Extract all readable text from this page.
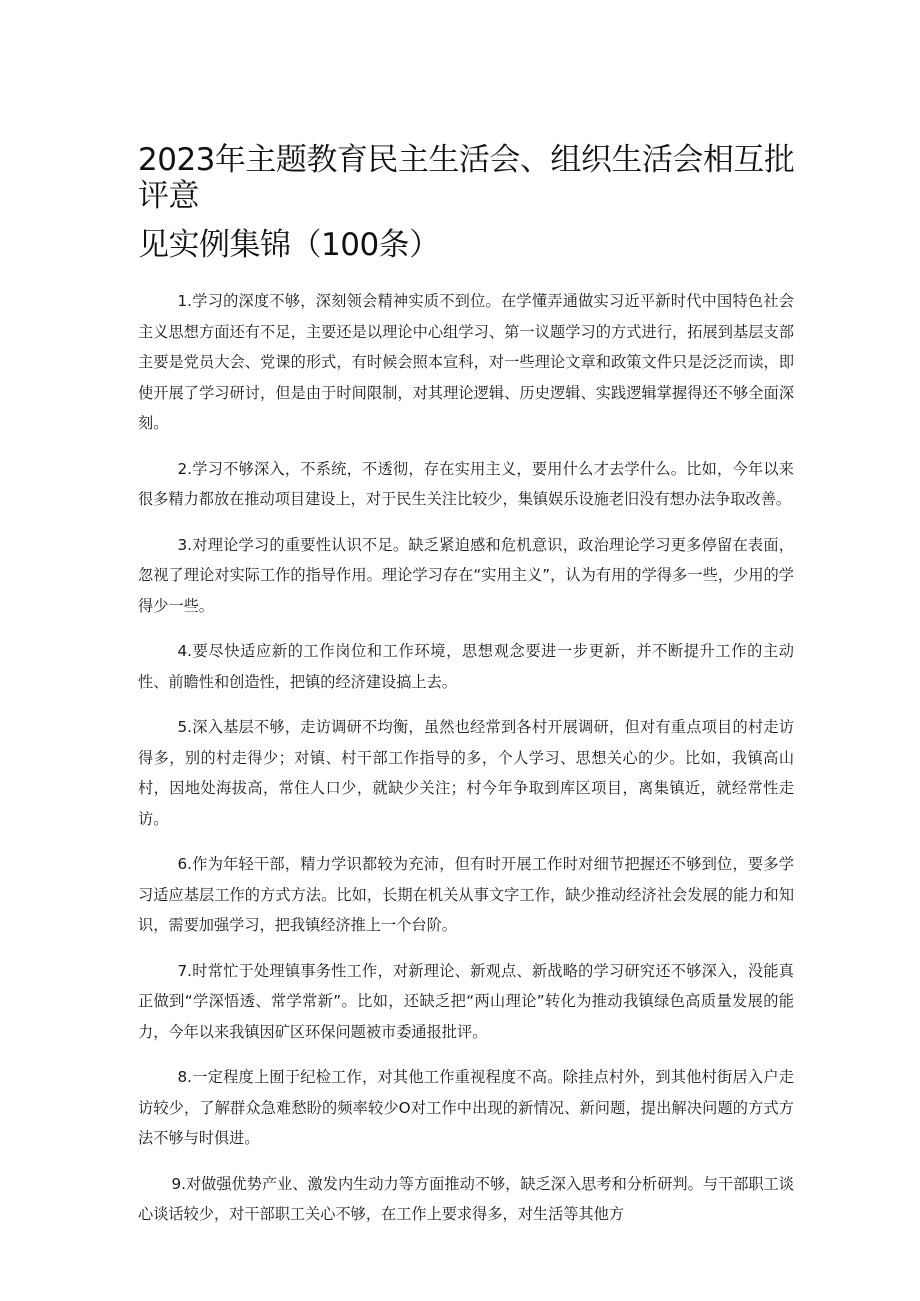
2023年主题教育民主生活会、组织生活会相互批评意
见实例集锦（100条）

1.学习的深度不够，深刻领会精神实质不到位。在学懂弄通做实习近平新时代中国特色社会主义思想方面还有不足，主要还是以理论中心组学习、第一议题学习的方式进行，拓展到基层支部主要是党员大会、党课的形式，有时候会照本宣科，对一些理论文章和政策文件只是泛泛而读，即使开展了学习研讨，但是由于时间限制，对其理论逻辑、历史逻辑、实践逻辑掌握得还不够全面深刻。

2.学习不够深入，不系统，不透彻，存在实用主义，要用什么才去学什么。比如，今年以来很多精力都放在推动项目建设上，对于民生关注比较少，集镇娱乐设施老旧没有想办法争取改善。

3.对理论学习的重要性认识不足。缺乏紧迫感和危机意识，政治理论学习更多停留在表面，忽视了理论对实际工作的指导作用。理论学习存在“实用主义”，认为有用的学得多一些，少用的学得少一些。

4.要尽快适应新的工作岗位和工作环境，思想观念要进一步更新，并不断提升工作的主动性、前瞻性和创造性，把镇的经济建设搞上去。

5.深入基层不够，走访调研不均衡，虽然也经常到各村开展调研，但对有重点项目的村走访得多，别的村走得少；对镇、村干部工作指导的多，个人学习、思想关心的少。比如，我镇高山村，因地处海拔高，常住人口少，就缺少关注；村今年争取到库区项目，离集镇近，就经常性走访。

6.作为年轻干部，精力学识都较为充沛，但有时开展工作时对细节把握还不够到位，要多学习适应基层工作的方式方法。比如，长期在机关从事文字工作，缺少推动经济社会发展的能力和知识，需要加强学习，把我镇经济推上一个台阶。

7.时常忙于处理镇事务性工作，对新理论、新观点、新战略的学习研究还不够深入，没能真正做到“学深悟透、常学常新”。比如，还缺乏把“两山理论”转化为推动我镇绿色高质量发展的能力，今年以来我镇因矿区环保问题被市委通报批评。

8.一定程度上囿于纪检工作，对其他工作重视程度不高。除挂点村外，到其他村街居入户走访较少，了解群众急难愁盼的频率较少O对工作中出现的新情况、新问题，提出解决问题的方式方法不够与时俱进。

9.对做强优势产业、激发内生动力等方面推动不够，缺乏深入思考和分析研判。与干部职工谈心谈话较少，对干部职工关心不够，在工作上要求得多，对生活等其他方
